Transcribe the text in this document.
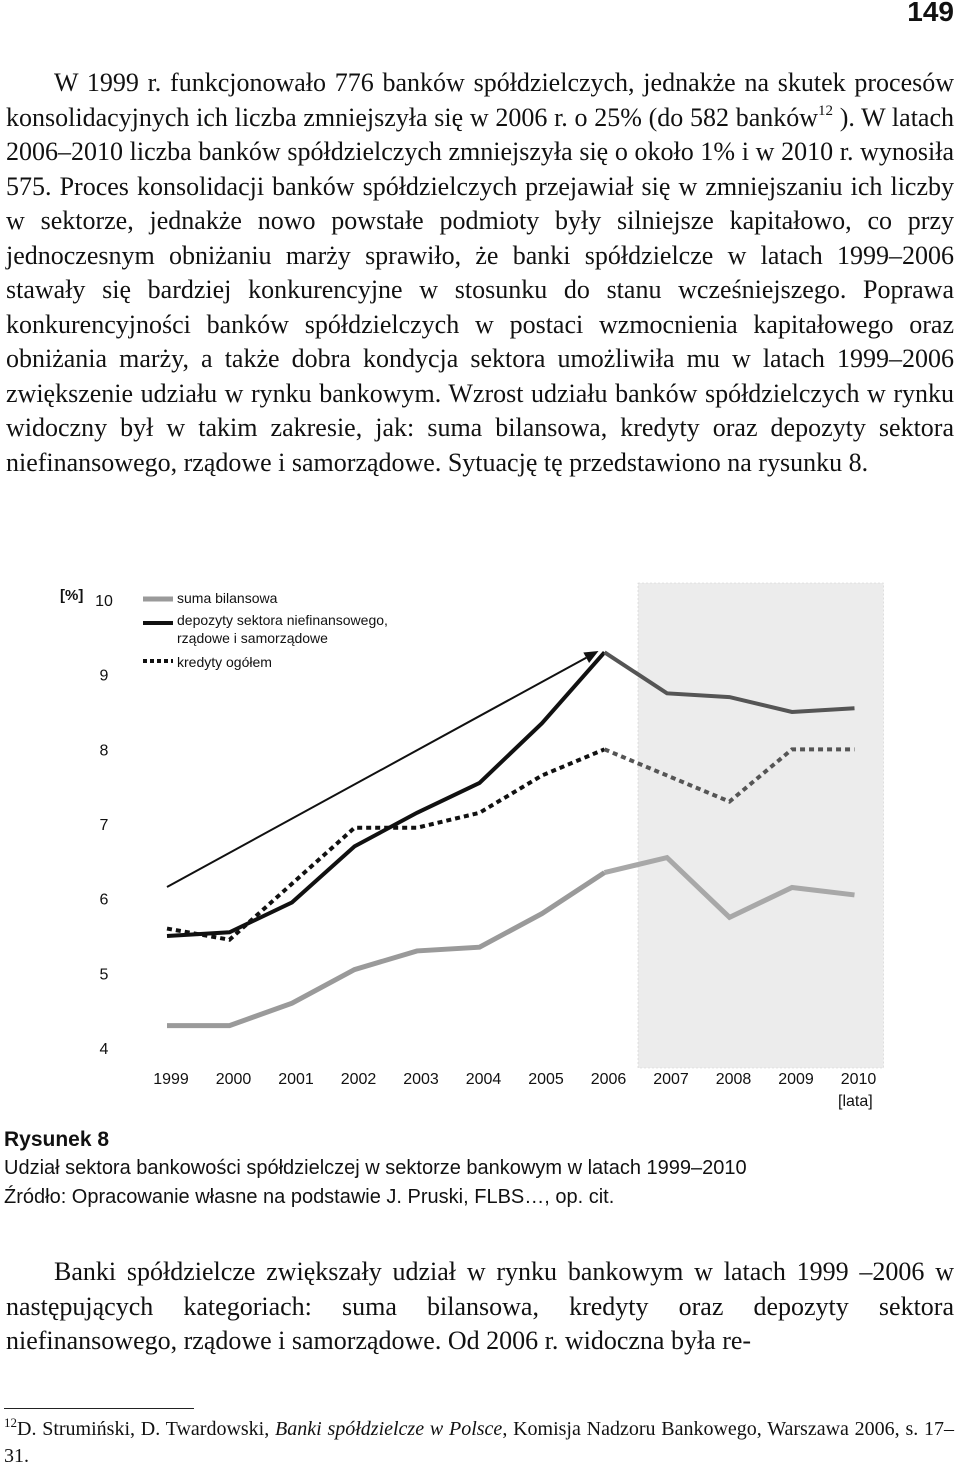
149

W 1999 r. funkcjonowało 776 banków spółdzielczych, jednakże na skutek procesów konsolidacyjnych ich liczba zmniejszyła się w 2006 r. o 25% (do 582 banków$^{12}$ ). W latach 2006–2010 liczba banków spółdzielczych zmniejszyła się o około 1% i w 2010 r. wynosiła 575. Proces konsolidacji banków spółdzielczych przejawiał się w zmniejszaniu ich liczby w sektorze, jednakże nowo powstałe podmioty były silniejsze kapitałowo, co przy jednoczesnym obniżaniu marży sprawiło, że banki spółdzielcze w latach 1999–2006 stawały się bardziej konkurencyjne w stosunku do stanu wcześniejszego. Poprawa konkurencyjności banków spółdzielczych w postaci wzmocnienia kapitałowego oraz obniżania marży, a także dobra kondycja sektora umożliwiła mu w latach 1999–2006 zwiększenie udziału w rynku bankowym. Wzrost udziału banków spółdzielczych w rynku widoczny był w takim zakresie, jak: suma bilansowa, kredyty oraz depozyty sektora niefinansowego, rządowe i samorządowe. Sytuację tę przedstawiono na rysunku 8.

4
5
6
7
8
9
10
[%]
1999 2000 2001 2002 2003 2004 2005 2006 2007 2008 2009 2010
[lata]
suma bilansowa
depozyty sektora niefinansowego,
rządowe i samorządowe
kredyty ogółem
Rysunek 8
Udział sektora bankowości spółdzielczej w sektorze bankowym w latach 1999–2010
Źródło: Opracowanie własne na podstawie J. Pruski, FLBS…, op. cit.

Banki spółdzielcze zwiększały udział w rynku bankowym w latach 1999 –2006 w następujących kategoriach: suma bilansowa, kredyty oraz depozyty sektora niefinansowego, rządowe i samorządowe. Od 2006 r. widoczna była re-

$^{12}$D. Strumiński, D. Twardowski, Banki spółdzielcze w Polsce, Komisja Nadzoru Bankowego, Warszawa 2006, s. 17–31.
